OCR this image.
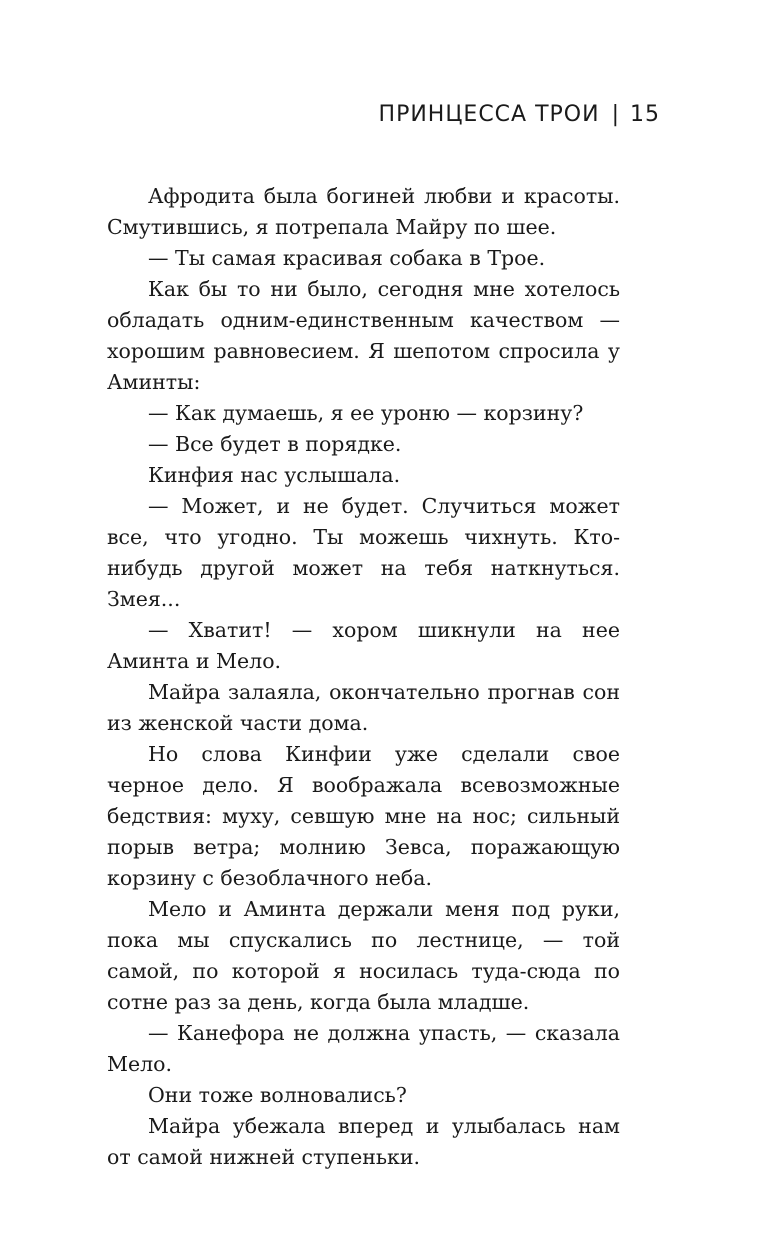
ПРИНЦЕССА ТРОИ | 15

Афродита была богиней любви и красоты. Смутившись, я потрепала Майру по шее.

— Ты самая красивая собака в Трое.

Как бы то ни было, сегодня мне хотелось обладать одним-единственным качеством — хорошим равновесием. Я шепотом спросила у Аминты:

— Как думаешь, я ее уроню — корзину?

— Все будет в порядке.

Кинфия нас услышала.

— Может, и не будет. Случиться может все, что угодно. Ты можешь чихнуть. Кто-нибудь другой может на тебя наткнуться. Змея...

— Хватит! — хором шикнули на нее Аминта и Мело.

Майра залаяла, окончательно прогнав сон из женской части дома.

Но слова Кинфии уже сделали свое черное дело. Я воображала всевозможные бедствия: муху, севшую мне на нос; сильный порыв ветра; молнию Зевса, поражающую корзину с безоблачного неба.

Мело и Аминта держали меня под руки, пока мы спускались по лестнице, — той самой, по которой я носилась туда-сюда по сотне раз за день, когда была младше.

— Канефора не должна упасть, — сказала Мело.

Они тоже волновались?

Майра убежала вперед и улыбалась нам от самой нижней ступеньки.
